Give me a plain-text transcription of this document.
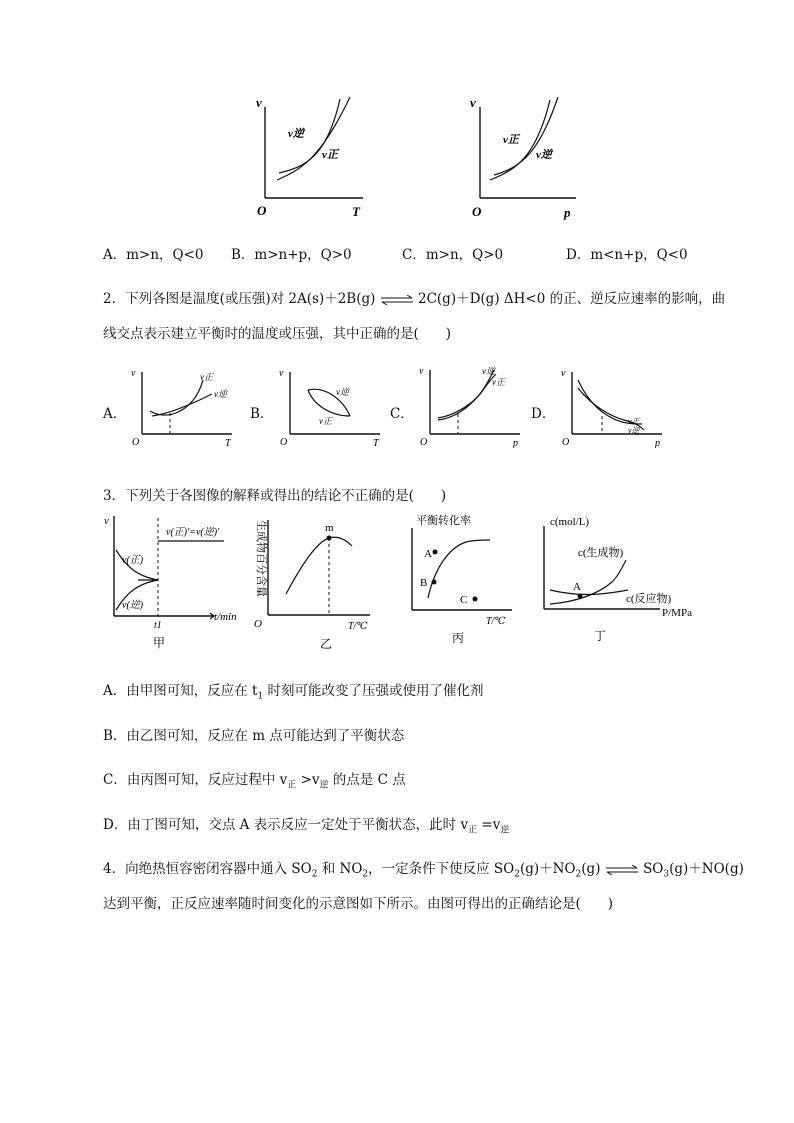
v
O	T
v逆
v正
v
O	p
v正
v逆
A．m>n，Q<0 B．m>n+p，Q>0	C．m>n，Q>0	D．m<n+p，Q<0
2．下列各图是温度(或压强)对 2A(s)＋2B(g) ⇌ 2C(g)＋D(g) ΔH<0 的正、逆反应速率的影响，曲
线交点表示建立平衡时的温度或压强，其中正确的是(　　)
A．
v
O	T
v正
v逆
B．
v
O	T
v逆
v正	C．
v
O	p
v逆
v正
D．
v
O	p
v正
v逆
3．下列关于各图像的解释或得出的结论不正确的是(　　)
v
v(正)'=v(逆)'
v(正)
v(逆)
t/min
t1
甲
生成物百分含量	m
O	T/℃
乙
平衡转化率
A
B
C
T/℃
丙
c(mol/L)
c(生成物)
c(反应物)
A
P/MPa
丁
A．由甲图可知，反应在 $t_1$ 时刻可能改变了压强或使用了催化剂
B．由乙图可知，反应在 m 点可能达到了平衡状态
C．由丙图可知，反应过程中 $v_正 >v_逆$ 的点是 C 点
D．由丁图可知，交点 A 表示反应一定处于平衡状态，此时 $v_正 =v_逆$
4．向绝热恒容密闭容器中通入 $SO_2$ 和 $NO_2$，一定条件下使反应 $SO_2(g)+NO_2(g)$ ⇌ $SO_3(g)+NO(g)$
达到平衡，正反应速率随时间变化的示意图如下所示。由图可得出的正确结论是(　　)
